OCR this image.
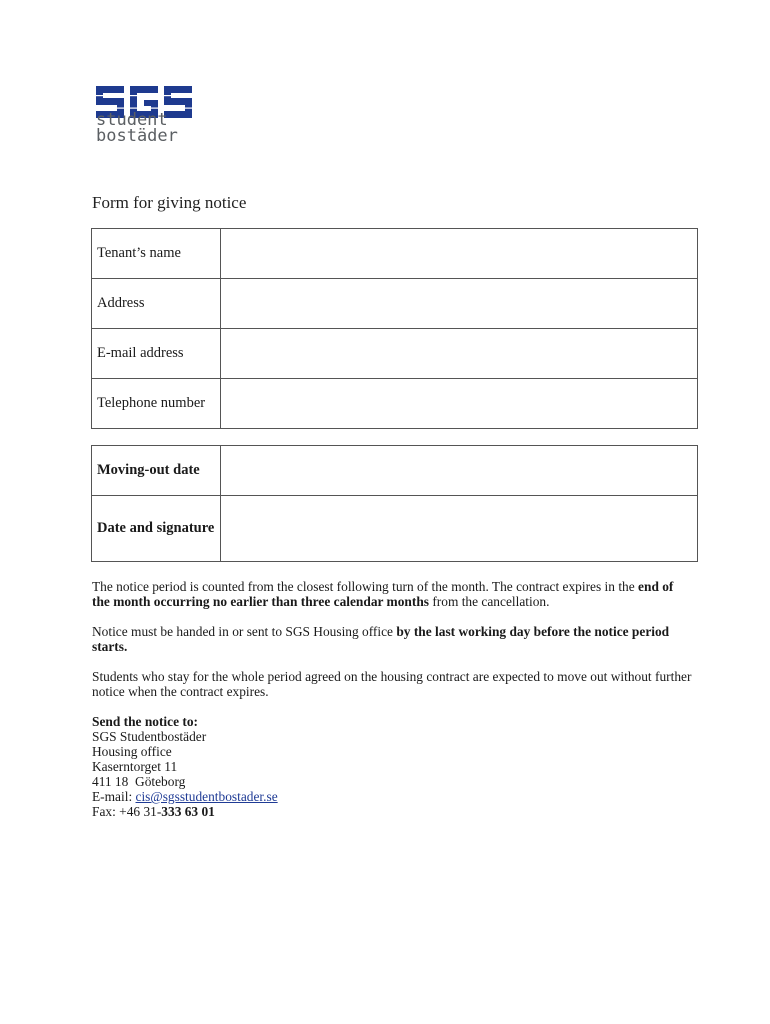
student
bostäder
Form for giving notice
Tenant’s name	
Address	
E-mail address	
Telephone number	
Moving-out date	
Date and signature	
The notice period is counted from the closest following turn of the month. The contract expires in the end of the month occurring no earlier than three calendar months from the cancellation.
Notice must be handed in or sent to SGS Housing office by the last working day before the notice period starts.
Students who stay for the whole period agreed on the housing contract are expected to move out without further notice when the contract expires.
Send the notice to:
SGS Studentbostäder
Housing office
Kaserntorget 11
411 18  Göteborg
E-mail: cis@sgsstudentbostader.se
Fax: +46 31-333 63 01
